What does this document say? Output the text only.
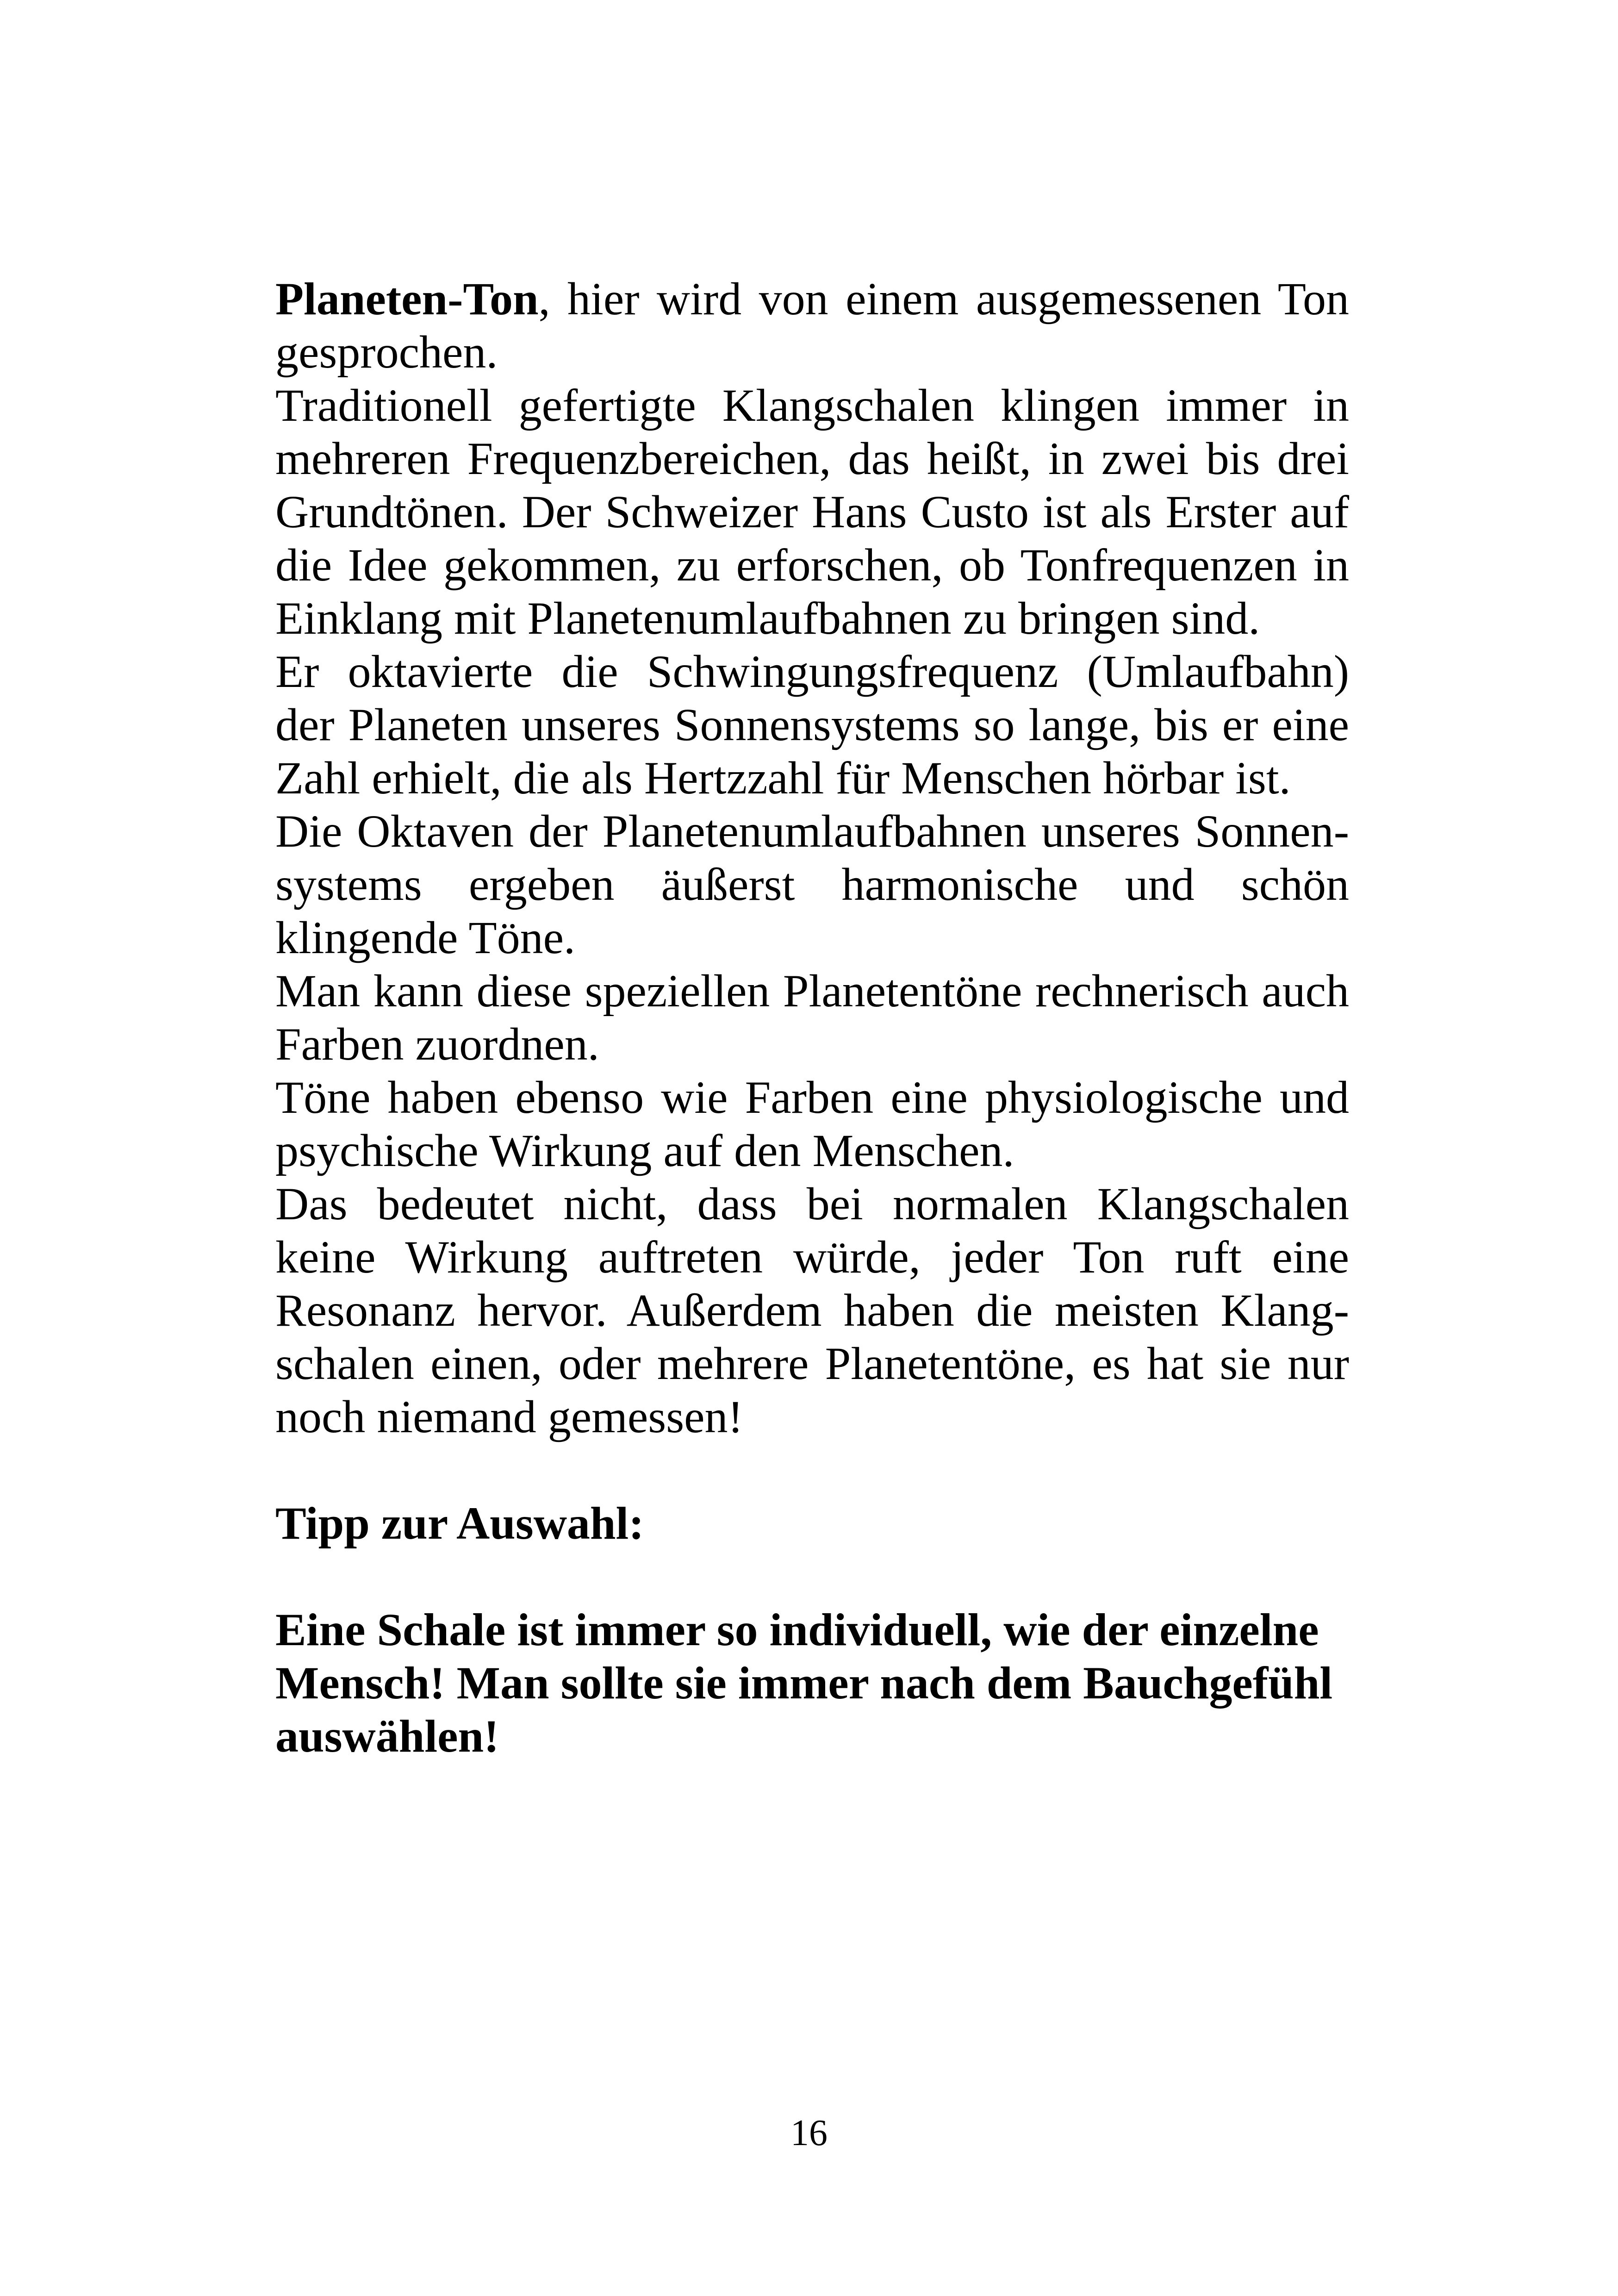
Planeten-Ton, hier wird von einem ausgemessenen Ton gesprochen.

Traditionell gefertigte Klangschalen klingen immer in mehreren Frequenzbereichen, das heißt, in zwei bis drei Grundtönen. Der Schweizer Hans Custo ist als Erster auf die Idee gekommen, zu erforschen, ob Tonfrequenzen in Einklang mit Planetenumlaufbahnen zu bringen sind.

Er oktavierte die Schwingungsfrequenz (Umlaufbahn) der Planeten unseres Sonnensystems so lange, bis er eine Zahl erhielt, die als Hertzzahl für Menschen hörbar ist.

Die Oktaven der Planetenumlaufbahnen unseres Sonnensystems ergeben äußerst harmonische und schön klingende Töne.

Man kann diese speziellen Planetentöne rechnerisch auch Farben zuordnen.

Töne haben ebenso wie Farben eine physiologische und psychische Wirkung auf den Menschen.

Das bedeutet nicht, dass bei normalen Klangschalen keine Wirkung auftreten würde, jeder Ton ruft eine Resonanz hervor. Außerdem haben die meisten Klangschalen einen, oder mehrere Planetentöne, es hat sie nur noch niemand gemessen!

Tipp zur Auswahl:

Eine Schale ist immer so individuell, wie der einzelne Mensch! Man sollte sie immer nach dem Bauchgefühl auswählen!

16
